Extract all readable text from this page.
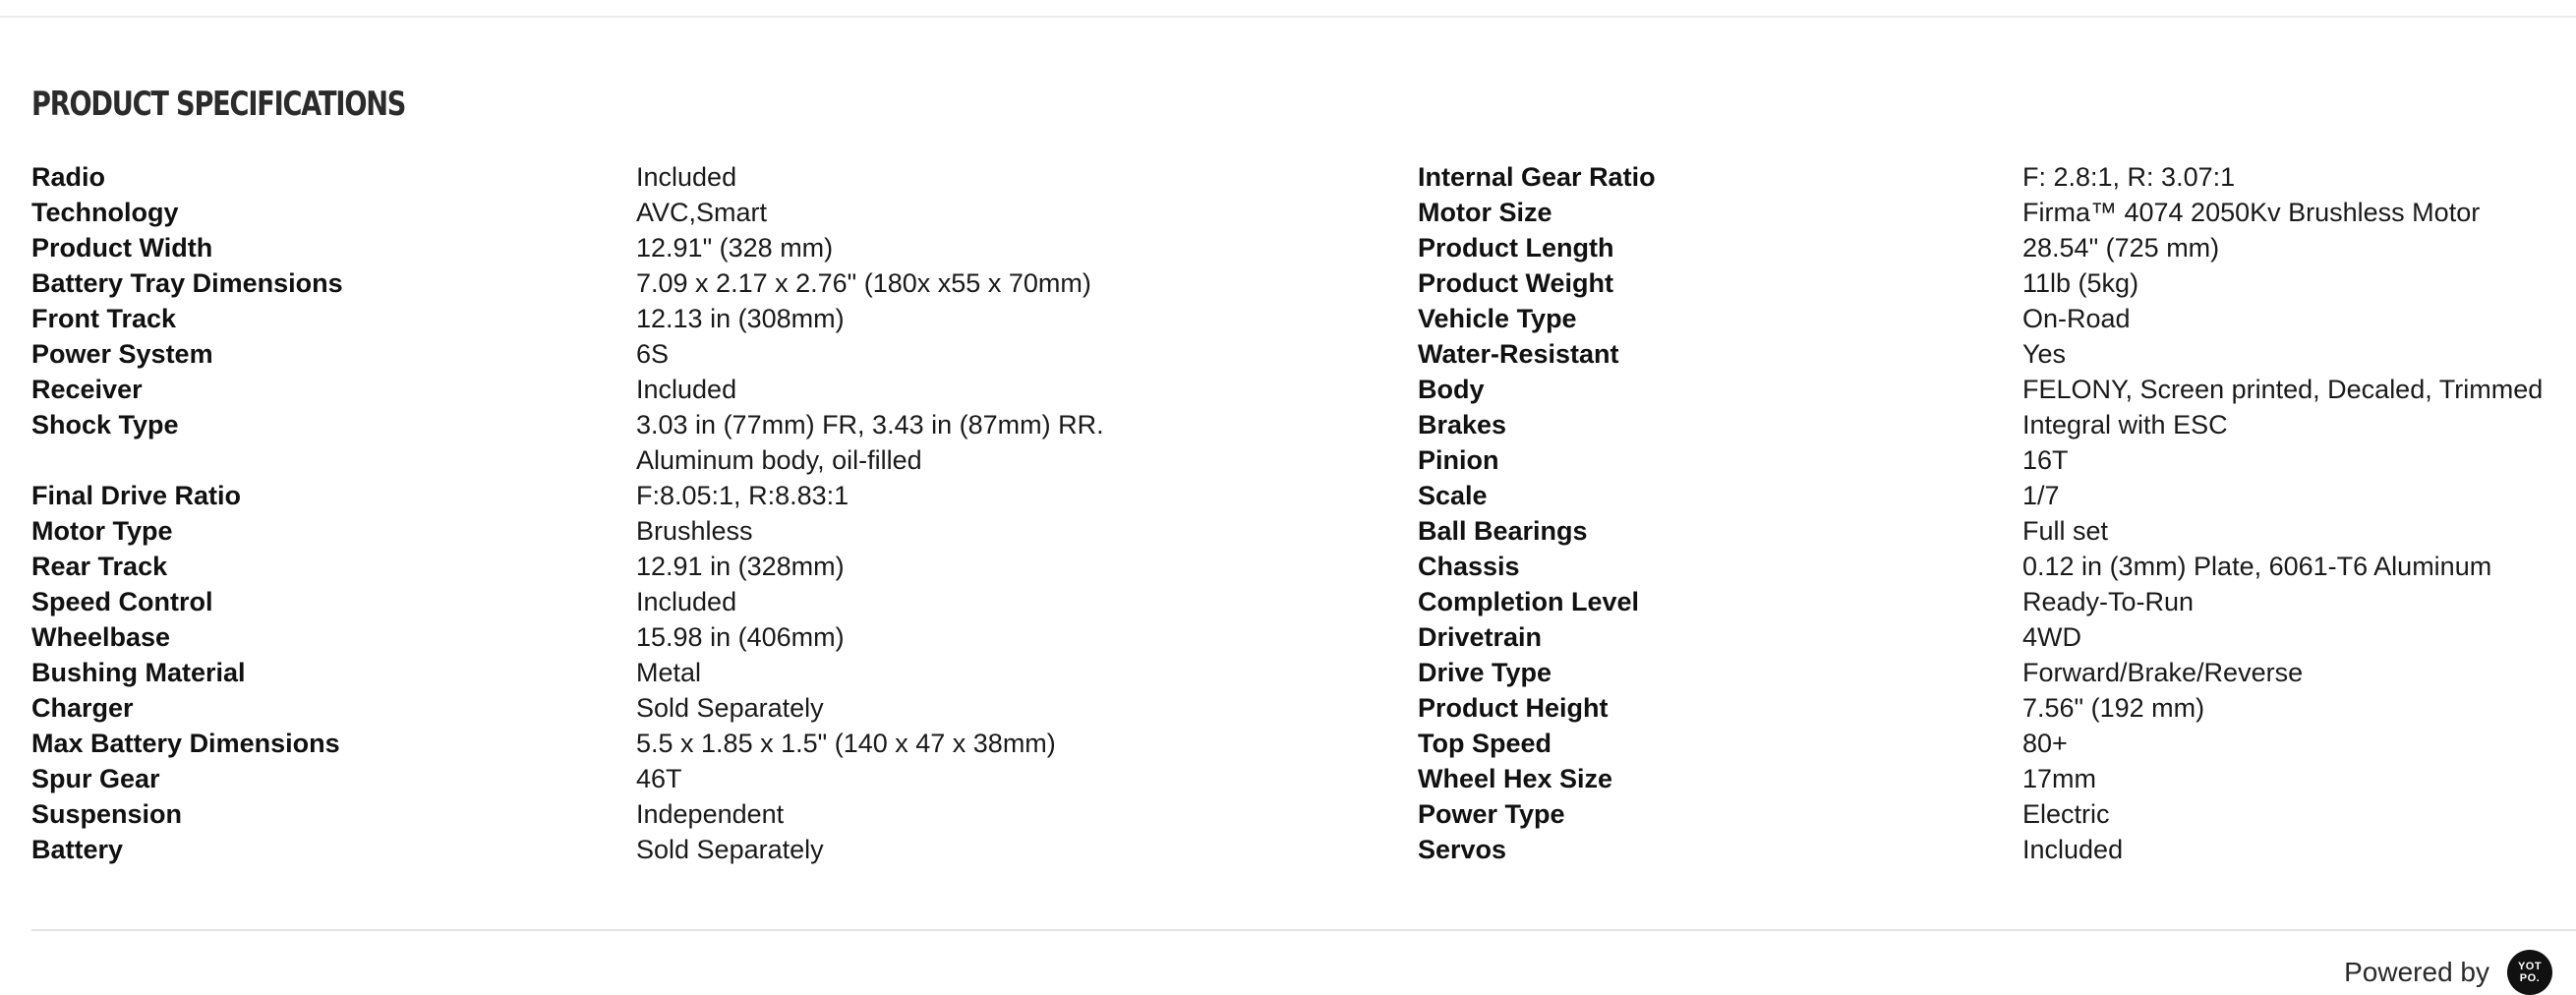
PRODUCT SPECIFICATIONS
Radio	Included
Technology	AVC,Smart
Product Width	12.91" (328 mm)
Battery Tray Dimensions	7.09 x 2.17 x 2.76" (180x x55 x 70mm)
Front Track	12.13 in (308mm)
Power System	6S
Receiver	Included
Shock Type	3.03 in (77mm) FR, 3.43 in (87mm) RR.
Aluminum body, oil-filled
Final Drive Ratio	F:8.05:1, R:8.83:1
Motor Type	Brushless
Rear Track	12.91 in (328mm)
Speed Control	Included
Wheelbase	15.98 in (406mm)
Bushing Material	Metal
Charger	Sold Separately
Max Battery Dimensions	5.5 x 1.85 x 1.5" (140 x 47 x 38mm)
Spur Gear	46T
Suspension	Independent
Battery	Sold Separately
Internal Gear Ratio	F: 2.8:1, R: 3.07:1
Motor Size	Firma™ 4074 2050Kv Brushless Motor
Product Length	28.54" (725 mm)
Product Weight	11lb (5kg)
Vehicle Type	On-Road
Water-Resistant	Yes
Body	FELONY, Screen printed, Decaled, Trimmed
Brakes	Integral with ESC
Pinion	16T
Scale	1/7
Ball Bearings	Full set
Chassis	0.12 in (3mm) Plate, 6061-T6 Aluminum
Completion Level	Ready-To-Run
Drivetrain	4WD
Drive Type	Forward/Brake/Reverse
Product Height	7.56" (192 mm)
Top Speed	80+
Wheel Hex Size	17mm
Power Type	Electric
Servos	Included
Powered by	YOT
PO.
